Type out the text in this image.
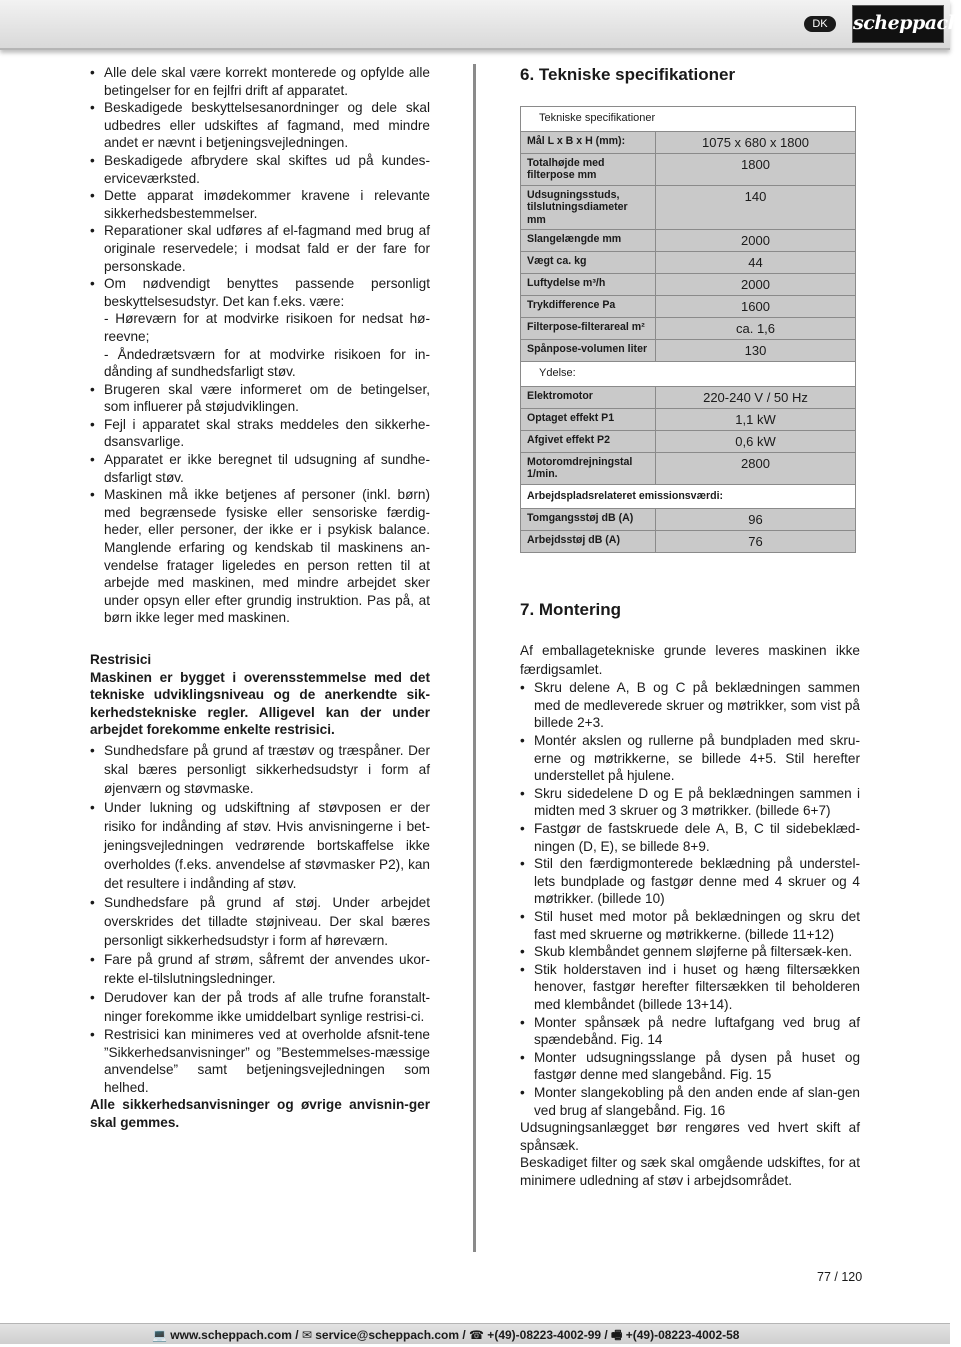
DK	scheppach
• Alle dele skal være korrekt monterede og opfylde alle betingelser for en fejlfri drift af apparatet.
• Beskadigede beskyttelsesanordninger og dele skal udbedres eller udskiftes af fagmand, med mindre andet er nævnt i betjeningsvejledningen.
• Beskadigede afbrydere skal skiftes ud på kundes-erviceværksted.
• Dette apparat imødekommer kravene i relevante sikkerhedsbestemmelser.
• Reparationer skal udføres af el-fagmand med brug af originale reservedele; i modsat fald er der fare for personskade.
• Om nødvendigt benyttes passende personligt beskyttelsesudstyr. Det kan f.eks. være:
- Høreværn for at modvirke risikoen for nedsat hø-reevne;
- Åndedrætsværn for at modvirke risikoen for in-dånding af sundhedsfarligt støv.
• Brugeren skal være informeret om de betingelser, som influerer på støjudviklingen.
• Fejl i apparatet skal straks meddeles den sikkerhe-dsansvarlige.
• Apparatet er ikke beregnet til udsugning af sundhe-dsfarligt støv.
• Maskinen må ikke betjenes af personer (inkl. børn) med begrænsede fysiske eller sensoriske færdig-heder, eller personer, der ikke er i psykisk balance. Manglende erfaring og kendskab til maskinens an-vendelse fratager ligeledes en person retten til at arbejde med maskinen, med mindre arbejdet sker under opsyn eller efter grundig instruktion. Pas på, at børn ikke leger med maskinen.
Restrisici
Maskinen er bygget i overensstemmelse med det tekniske udviklingsniveau og de anerkendte sik-kerhedstekniske regler. Alligevel kan der under arbejdet forekomme enkelte restrisici.
• Sundhedsfare på grund af træstøv og træspåner. Der skal bæres personligt sikkerhedsudstyr i form af øjenværn og støvmaske.
• Under lukning og udskiftning af støvposen er der risiko for indånding af støv. Hvis anvisningerne i bet-jeningsvejledningen vedrørende bortskaffelse ikke overholdes (f.eks. anvendelse af støvmasker P2), kan det resultere i indånding af støv.
• Sundhedsfare på grund af støj. Under arbejdet overskrides det tilladte støjniveau. Der skal bæres personligt sikkerhedsudstyr i form af høreværn.
• Fare på grund af strøm, såfremt der anvendes ukor-rekte el-tilslutningsledninger.
• Derudover kan der på trods af alle trufne foranstalt-ninger forekomme ikke umiddelbart synlige restrisi-ci.
• Restrisici kan minimeres ved at overholde afsnit-tene ”Sikkerhedsanvisninger” og ”Bestemmelses-mæssige anvendelse” samt betjeningsvejledningen som helhed.
Alle sikkerhedsanvisninger og øvrige anvisnin-ger skal gemmes.
6. Tekniske specifikationer
Tekniske specifikationer	
Mål L x B x H (mm):	1075 x 680 x 1800
Totalhøjde med filterpose mm	1800
Udsugningsstuds, tilslutningsdiameter mm	140
Slangelængde mm	2000
Vægt ca. kg	44
Luftydelse m³/h	2000
Trykdifference Pa	1600
Filterpose-filterareal m²	ca. 1,6
Spånpose-volumen liter	130
Ydelse:	
Elektromotor	220-240 V / 50 Hz
Optaget effekt P1	1,1 kW
Afgivet effekt P2	0,6 kW
Motoromdrejningstal 1/min.	2800
Arbejdspladsrelateret emissionsværdi:	
Tomgangsstøj dB (A)	96
Arbejdsstøj dB (A)	76
7. Montering
Af emballagetekniske grunde leveres maskinen ikke færdigsamlet.
• Skru delene A, B og C på beklædningen sammen med de medleverede skruer og møtrikker, som vist på billede 2+3.
• Montér akslen og rullerne på bundpladen med skru-erne og møtrikkerne, se billede 4+5. Stil herefter understellet på hjulene.
• Skru sidedelene D og E på beklædningen sammen i midten med 3 skruer og 3 møtrikker. (billede 6+7)
• Fastgør de fastskruede dele A, B, C til sidebeklæd-ningen (D, E), se billede 8+9.
• Stil den færdigmonterede beklædning på understel-lets bundplade og fastgør denne med 4 skruer og 4 møtrikker. (billede 10)
• Stil huset med motor på beklædningen og skru det fast med skruerne og møtrikkerne. (billede 11+12)
• Skub klembåndet gennem sløjferne på filtersæk-ken.
• Stik holderstaven ind i huset og hæng filtersækken henover, fastgør herefter filtersækken til beholderen med klembåndet (billede 13+14).
• Monter spånsæk på nedre luftafgang ved brug af spændebånd. Fig. 14
• Monter udsugningsslange på dysen på huset og fastgør denne med slangebånd. Fig. 15
• Monter slangekobling på den anden ende af slan-gen ved brug af slangebånd. Fig. 16
Udsugningsanlægget bør rengøres ved hvert skift af spånsæk.
Beskadiget filter og sæk skal omgående udskiftes, for at minimere udledning af støv i arbejdsområdet.
77 / 120
💻 www.scheppach.com / ✉ service@scheppach.com / ☎ +(49)-08223-4002-99 / 🖷 +(49)-08223-4002-58
